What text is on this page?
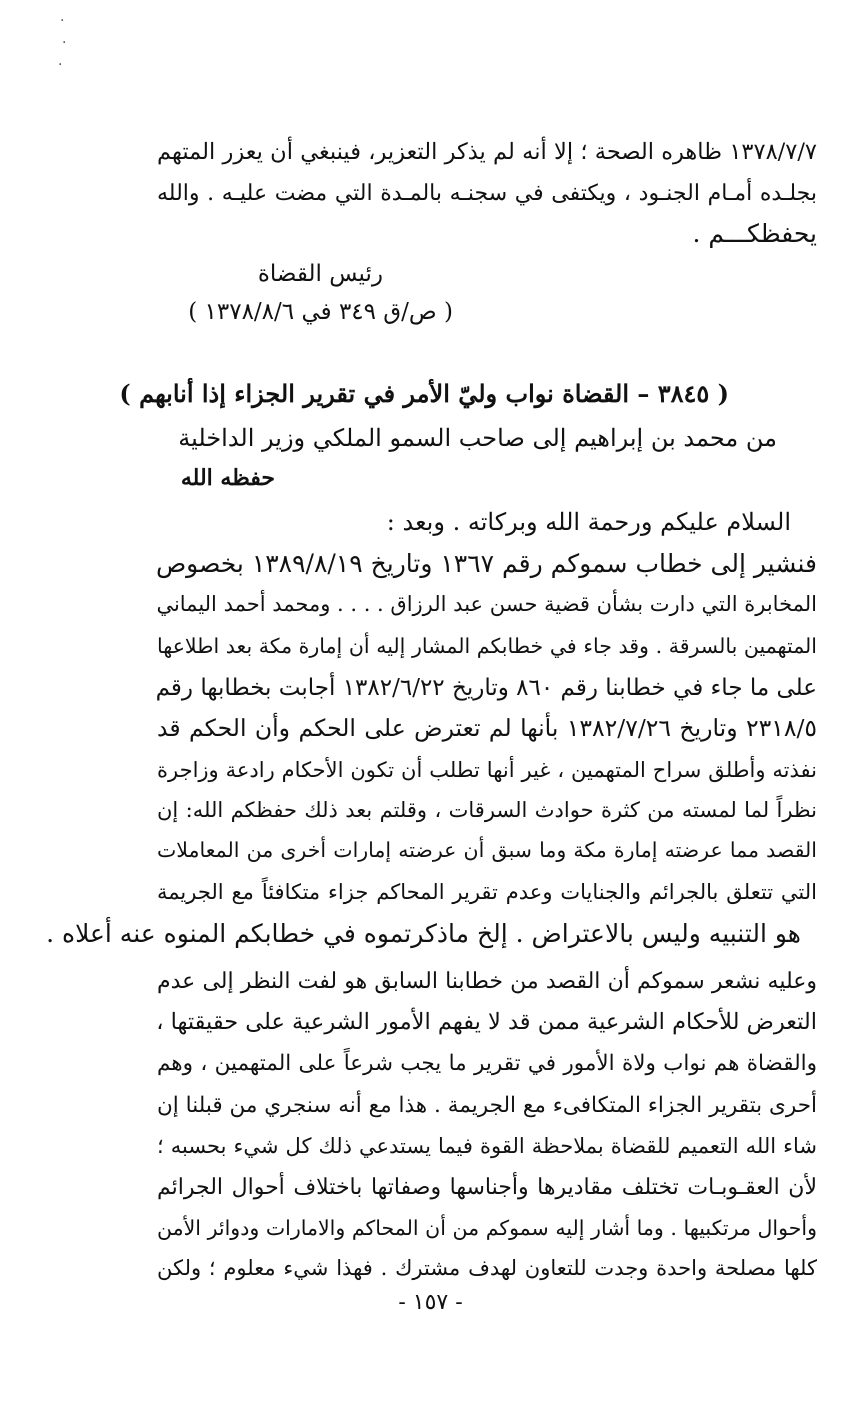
·
·
·
١٣٧٨/٧/٧ ظاهره الصحة ؛ إلا أنه لم يذكر التعزير، فينبغي أن يعزر المتهم
بجلـده أمـام الجنـود ، ويكتفى في سجنـه بالمـدة التي مضت عليـه . والله
يحفظكـــم .
رئيس القضاة
( ص/ق ٣٤٩ في ١٣٧٨/٨/٦ )
( ٣٨٤٥ – القضاة نواب وليّ الأمر في تقرير الجزاء إذا أنابهم )
من محمد بن إبراهيم إلى صاحب السمو الملكي وزير الداخلية
حفظه الله
السلام عليكم ورحمة الله وبركاته . وبعد :
فنشير إلى خطاب سموكم رقم ١٣٦٧ وتاريخ ١٣٨٩/٨/١٩ بخصوص
المخابرة التي دارت بشأن قضية حسن عبد الرزاق . . . . ومحمد أحمد اليماني
المتهمين بالسرقة . وقد جاء في خطابكم المشار إليه أن إمارة مكة بعد اطلاعها
على ما جاء في خطابنا رقم ٨٦٠ وتاريخ ١٣٨٢/٦/٢٢ أجابت بخطابها رقم
٢٣١٨/٥ وتاريخ ١٣٨٢/٧/٢٦ بأنها لم تعترض على الحكم وأن الحكم قد
نفذته وأطلق سراح المتهمين ، غير أنها تطلب أن تكون الأحكام رادعة وزاجرة
نظراً لما لمسته من كثرة حوادث السرقات ، وقلتم بعد ذلك حفظكم الله: إن
القصد مما عرضته إمارة مكة وما سبق أن عرضته إمارات أخرى من المعاملات
التي تتعلق بالجرائم والجنايات وعدم تقرير المحاكم جزاء متكافئاً مع الجريمة
هو التنبيه وليس بالاعتراض . إلخ ماذكرتموه في خطابكم المنوه عنه أعلاه .
وعليه نشعر سموكم أن القصد من خطابنا السابق هو لفت النظر إلى عدم
التعرض للأحكام الشرعية ممن قد لا يفهم الأمور الشرعية على حقيقتها ،
والقضاة هم نواب ولاة الأمور في تقرير ما يجب شرعاً على المتهمين ، وهم
أحرى بتقرير الجزاء المتكافىء مع الجريمة . هذا مع أنه سنجري من قبلنا إن
شاء الله التعميم للقضاة بملاحظة القوة فيما يستدعي ذلك كل شيء بحسبه ؛
لأن العقـوبـات تختلف مقاديرها وأجناسها وصفاتها باختلاف أحوال الجرائم
وأحوال مرتكبيها . وما أشار إليه سموكم من أن المحاكم والامارات ودوائر الأمن
كلها مصلحة واحدة وجدت للتعاون لهدف مشترك . فهذا شيء معلوم ؛ ولكن
- ١٥٧ -
